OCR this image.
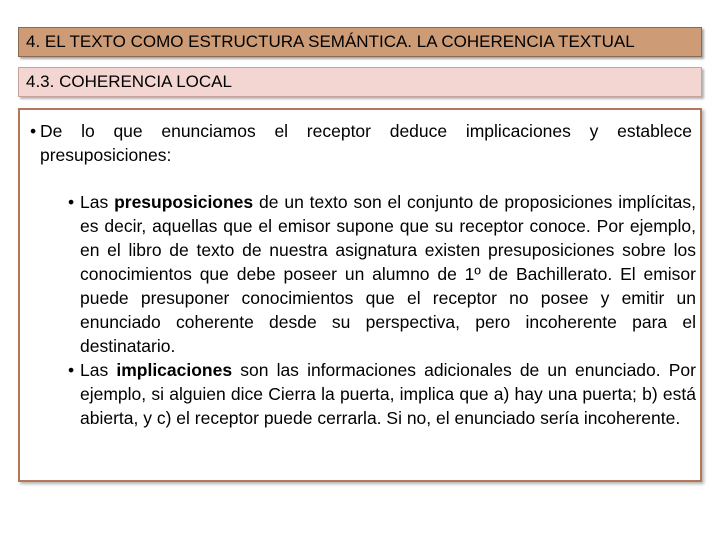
4. EL TEXTO COMO ESTRUCTURA SEMÁNTICA. LA COHERENCIA TEXTUAL
4.3. COHERENCIA LOCAL
• De lo que enunciamos el receptor deduce implicaciones y establece presuposiciones:
• Las presuposiciones de un texto son el conjunto de proposiciones implícitas, es decir, aquellas que el emisor supone que su receptor conoce. Por ejemplo, en el libro de texto de nuestra asignatura existen presuposiciones sobre los conocimientos que debe poseer un alumno de 1º de Bachillerato. El emisor puede presuponer conocimientos que el receptor no posee y emitir un enunciado coherente desde su perspectiva, pero incoherente para el destinatario.
• Las implicaciones son las informaciones adicionales de un enunciado. Por ejemplo, si alguien dice Cierra la puerta, implica que a) hay una puerta; b) está abierta, y c) el receptor puede cerrarla. Si no, el enunciado sería incoherente.
